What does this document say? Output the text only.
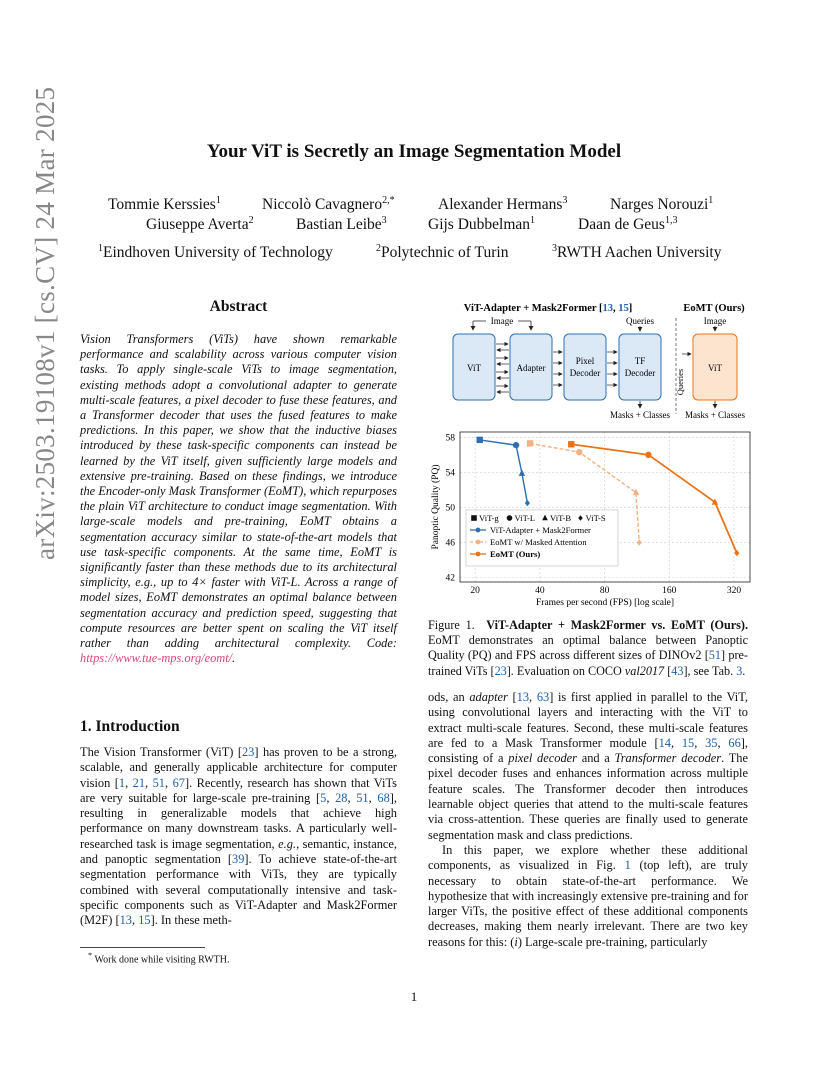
arXiv:2503.19108v1 [cs.CV] 24 Mar 2025	Your ViT is Secretly an Image Segmentation Model
Tommie Kerssies$^1$	Niccolò Cavagnero$^{2,*}$	Alexander Hermans$^3$	Narges Norouzi$^1$
Giuseppe Averta$^2$	Bastian Leibe$^3$	Gijs Dubbelman$^1$	Daan de Geus$^{1,3}$
$^1$Eindhoven University of Technology	$^2$Polytechnic of Turin	$^3$RWTH Aachen University
Abstract
Vision Transformers (ViTs) have shown remarkable performance and scalability across various computer vision tasks. To apply single-scale ViTs to image segmentation, existing methods adopt a convolutional adapter to generate multi-scale features, a pixel decoder to fuse these features, and a Transformer decoder that uses the fused features to make predictions. In this paper, we show that the inductive biases introduced by these task-specific components can instead be learned by the ViT itself, given sufficiently large models and extensive pre-training. Based on these findings, we introduce the Encoder-only Mask Transformer (EoMT), which repurposes the plain ViT architecture to conduct image segmentation. With large-scale models and pre-training, EoMT obtains a segmentation accuracy similar to state-of-the-art models that use task-specific components. At the same time, EoMT is significantly faster than these methods due to its architectural simplicity, e.g., up to 4× faster with ViT-L. Across a range of model sizes, EoMT demonstrates an optimal balance between segmentation accuracy and prediction speed, suggesting that compute resources are better spent on scaling the ViT itself rather than adding architectural complexity. Code: https://www.tue-mps.org/eomt/.
1. Introduction
The Vision Transformer (ViT) [23] has proven to be a strong, scalable, and generally applicable architecture for computer vision [1, 21, 51, 67]. Recently, research has shown that ViTs are very suitable for large-scale pre-training [5, 28, 51, 68], resulting in generalizable models that achieve high performance on many downstream tasks. A particularly well-researched task is image segmentation, e.g., semantic, instance, and panoptic segmentation [39]. To achieve state-of-the-art segmentation performance with ViTs, they are typically combined with several computationally intensive and task-specific components such as ViT-Adapter and Mask2Former (M2F) [13, 15]. In these meth-
* Work done while visiting RWTH.
1
ViT-Adapter + Mask2Former [13, 15]	EoMT (Ours)
Image	Queries	Image
ViT	Adapter
Pixel
Decoder
TF
Decoder	ViT
Queries
Masks + Classes Masks + Classes
20	40	80	160	320
42
46
50
54
58
Frames per second (FPS) [log scale]
Panoptic Quality (PQ)	ViT-g ViT-L ViT-B ViT-S
ViT-Adapter + Mask2Former
EoMT w/ Masked Attention
EoMT (Ours)
Figure 1. ViT-Adapter + Mask2Former vs. EoMT (Ours). EoMT demonstrates an optimal balance between Panoptic Quality (PQ) and FPS across different sizes of DINOv2 [51] pre-trained ViTs [23]. Evaluation on COCO val2017 [43], see Tab. 3.

ods, an adapter [13, 63] is first applied in parallel to the ViT, using convolutional layers and interacting with the ViT to extract multi-scale features. Second, these multi-scale features are fed to a Mask Transformer module [14, 15, 35, 66], consisting of a pixel decoder and a Transformer decoder. The pixel decoder fuses and enhances information across multiple feature scales. The Transformer decoder then introduces learnable object queries that attend to the multi-scale features via cross-attention. These queries are finally used to generate segmentation mask and class predictions.

In this paper, we explore whether these additional components, as visualized in Fig. 1 (top left), are truly necessary to obtain state-of-the-art performance. We hypothesize that with increasingly extensive pre-training and for larger ViTs, the positive effect of these additional components decreases, making them nearly irrelevant. There are two key reasons for this: (i) Large-scale pre-training, particularly
